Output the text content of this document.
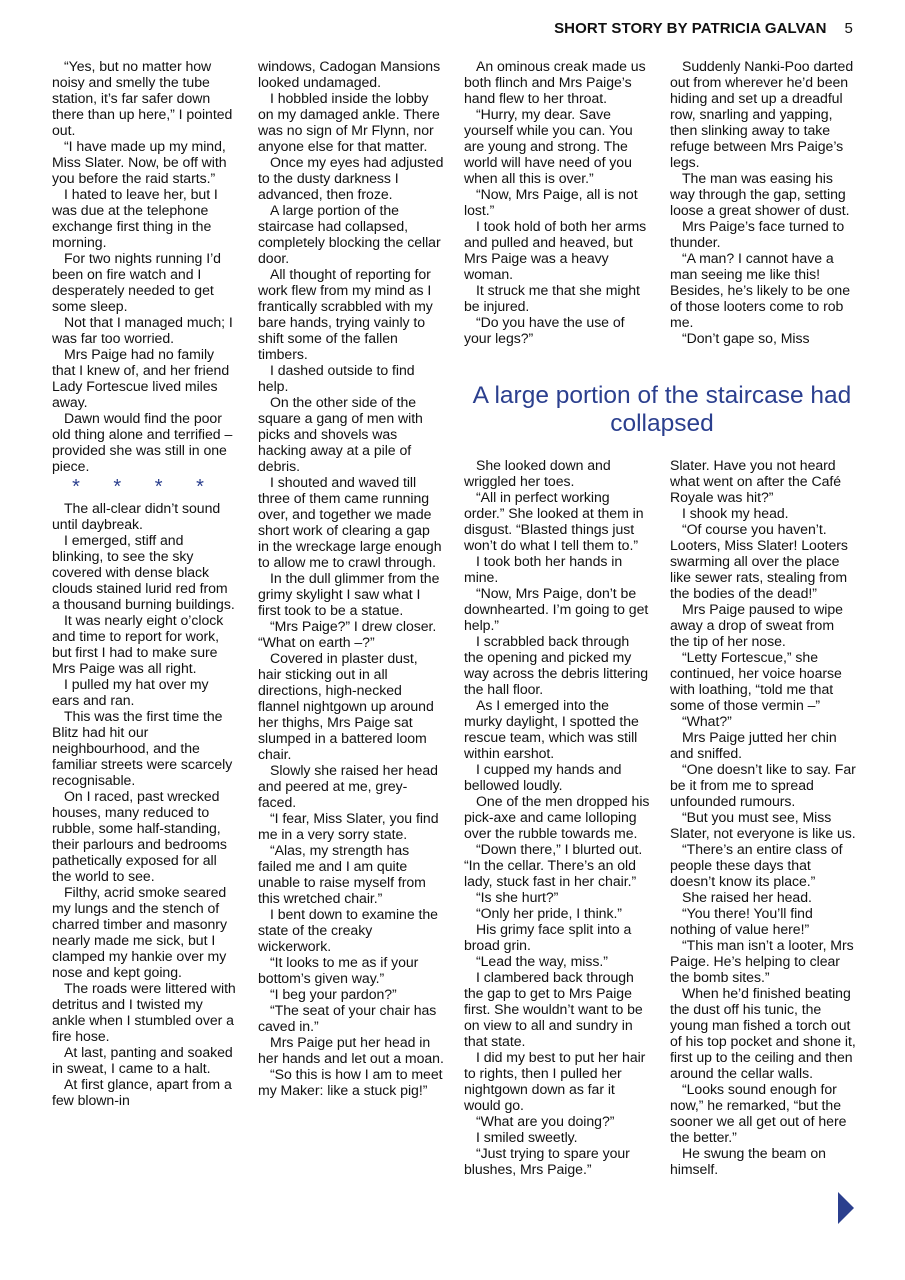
SHORT STORY BY PATRICIA GALVAN 5

“Yes, but no matter how noisy and smelly the tube station, it’s far safer down there than up here,” I pointed out.

“I have made up my mind, Miss Slater. Now, be off with you before the raid starts.”

I hated to leave her, but I was due at the telephone exchange first thing in the morning.

For two nights running I’d been on fire watch and I desperately needed to get some sleep.

Not that I managed much; I was far too worried.

Mrs Paige had no family that I knew of, and her friend Lady Fortescue lived miles away.

Dawn would find the poor old thing alone and terrified – provided she was still in one piece.

* * * *

The all-clear didn’t sound until daybreak.

I emerged, stiff and blinking, to see the sky covered with dense black clouds stained lurid red from a thousand burning buildings.

It was nearly eight o’clock and time to report for work, but first I had to make sure Mrs Paige was all right.

I pulled my hat over my ears and ran.

This was the first time the Blitz had hit our neighbourhood, and the familiar streets were scarcely recognisable.

On I raced, past wrecked houses, many reduced to rubble, some half-standing, their parlours and bedrooms pathetically exposed for all the world to see.

Filthy, acrid smoke seared my lungs and the stench of charred timber and masonry nearly made me sick, but I clamped my hankie over my nose and kept going.

The roads were littered with detritus and I twisted my ankle when I stumbled over a fire hose.

At last, panting and soaked in sweat, I came to a halt.

At first glance, apart from a few blown-in

windows, Cadogan Mansions looked undamaged.

I hobbled inside the lobby on my damaged ankle. There was no sign of Mr Flynn, nor anyone else for that matter.

Once my eyes had adjusted to the dusty darkness I advanced, then froze.

A large portion of the staircase had collapsed, completely blocking the cellar door.

All thought of reporting for work flew from my mind as I frantically scrabbled with my bare hands, trying vainly to shift some of the fallen timbers.

I dashed outside to find help.

On the other side of the square a gang of men with picks and shovels was hacking away at a pile of debris.

I shouted and waved till three of them came running over, and together we made short work of clearing a gap in the wreckage large enough to allow me to crawl through.

In the dull glimmer from the grimy skylight I saw what I first took to be a statue.

“Mrs Paige?” I drew closer. “What on earth –?”

Covered in plaster dust, hair sticking out in all directions, high-necked flannel nightgown up around her thighs, Mrs Paige sat slumped in a battered loom chair.

Slowly she raised her head and peered at me, grey-faced.

“I fear, Miss Slater, you find me in a very sorry state.

“Alas, my strength has failed me and I am quite unable to raise myself from this wretched chair.”

I bent down to examine the state of the creaky wickerwork.

“It looks to me as if your bottom’s given way.”

“I beg your pardon?”

“The seat of your chair has caved in.”

Mrs Paige put her head in her hands and let out a moan.

“So this is how I am to meet my Maker: like a stuck pig!”

An ominous creak made us both flinch and Mrs Paige’s hand flew to her throat.

“Hurry, my dear. Save yourself while you can. You are young and strong. The world will have need of you when all this is over.”

“Now, Mrs Paige, all is not lost.”

I took hold of both her arms and pulled and heaved, but Mrs Paige was a heavy woman.

It struck me that she might be injured.

“Do you have the use of your legs?”

Suddenly Nanki-Poo darted out from wherever he’d been hiding and set up a dreadful row, snarling and yapping, then slinking away to take refuge between Mrs Paige’s legs.

The man was easing his way through the gap, setting loose a great shower of dust.

Mrs Paige’s face turned to thunder.

“A man? I cannot have a man seeing me like this! Besides, he’s likely to be one of those looters come to rob me.

“Don’t gape so, Miss

A large portion of the staircase had collapsed

She looked down and wriggled her toes.

“All in perfect working order.” She looked at them in disgust. “Blasted things just won’t do what I tell them to.”

I took both her hands in mine.

“Now, Mrs Paige, don’t be downhearted. I’m going to get help.”

I scrabbled back through the opening and picked my way across the debris littering the hall floor.

As I emerged into the murky daylight, I spotted the rescue team, which was still within earshot.

I cupped my hands and bellowed loudly.

One of the men dropped his pick-axe and came lolloping over the rubble towards me.

“Down there,” I blurted out. “In the cellar. There’s an old lady, stuck fast in her chair.”

“Is she hurt?”

“Only her pride, I think.”

His grimy face split into a broad grin.

“Lead the way, miss.”

I clambered back through the gap to get to Mrs Paige first. She wouldn’t want to be on view to all and sundry in that state.

I did my best to put her hair to rights, then I pulled her nightgown down as far it would go.

“What are you doing?”

I smiled sweetly.

“Just trying to spare your blushes, Mrs Paige.”

Slater. Have you not heard what went on after the Café Royale was hit?”

I shook my head.

“Of course you haven’t. Looters, Miss Slater! Looters swarming all over the place like sewer rats, stealing from the bodies of the dead!”

Mrs Paige paused to wipe away a drop of sweat from the tip of her nose.

“Letty Fortescue,” she continued, her voice hoarse with loathing, “told me that some of those vermin –”

“What?”

Mrs Paige jutted her chin and sniffed.

“One doesn’t like to say. Far be it from me to spread unfounded rumours.

“But you must see, Miss Slater, not everyone is like us.

“There’s an entire class of people these days that doesn’t know its place.”

She raised her head.

“You there! You’ll find nothing of value here!”

“This man isn’t a looter, Mrs Paige. He’s helping to clear the bomb sites.”

When he’d finished beating the dust off his tunic, the young man fished a torch out of his top pocket and shone it, first up to the ceiling and then around the cellar walls.

“Looks sound enough for now,” he remarked, “but the sooner we all get out of here the better.”

He swung the beam on himself.
